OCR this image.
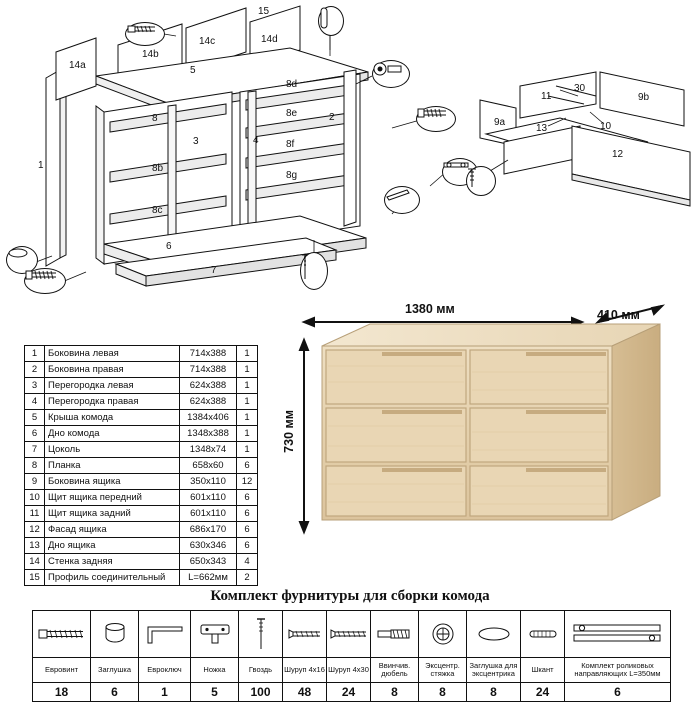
1
2
3	4
5
6
7
8
8b
8c
8d
8e
8f
8g
14a
14b
14c	14d
15
9a
9b
10
11
13
12
30
1	Боковина левая	714x388	1
2	Боковина правая	714x388	1
3	Перегородка левая	624x388	1
4	Перегородка правая	624x388	1
5	Крыша комода	1384x406	1
6	Дно комода	1348x388	1
7	Цоколь	1348x74	1
8	Планка	658x60	6
9	Боковина ящика	350x110	12
10	Щит ящика передний	601x110	6
11	Щит ящика задний	601x110	6
12	Фасад ящика	686x170	6
13	Дно ящика	630x346	6
14	Стенка задняя	650x343	4
15	Профиль соединительный	L=662мм	2
1380 мм	410 мм
730 мм
Комплект фурнитуры для сборки комода

Евровинт	Заглушка	Евроключ	Ножка	Гвоздь	Шуруп 4х16	Шуруп 4х30	Ввинчив. дюбель	Эксцентр. стяжка	Заглушка для эксцентрика	Шкант	Комплект роликовых направляющих L=350мм
18	6	1	5	100	48	24	8	8	8	24	6
